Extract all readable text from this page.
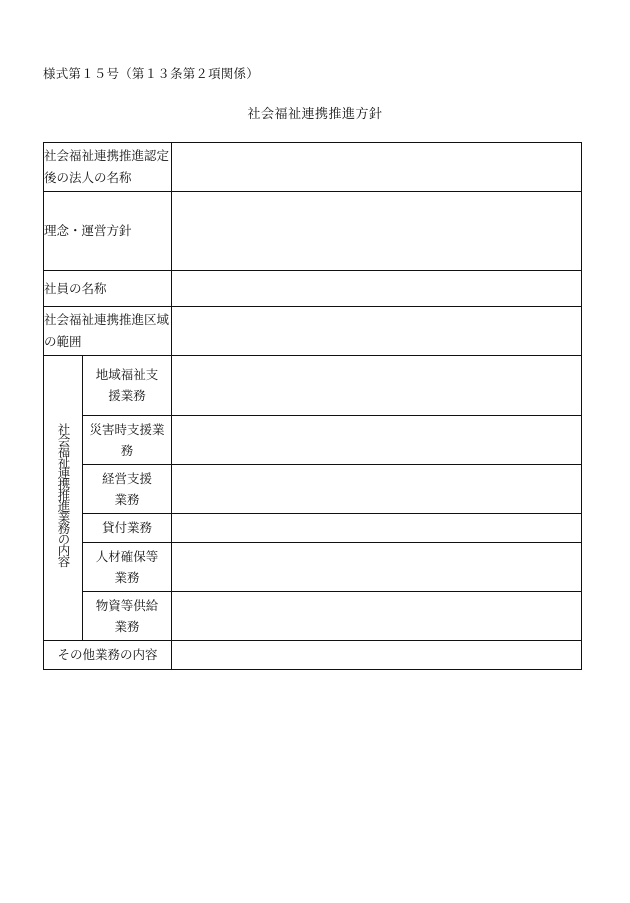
様式第１５号（第１３条第２項関係）
社会福祉連携推進方針
社会福祉連携推進認定後の法人の名称		
理念・運営方針		
社員の名称		
社会福祉連携推進区域の範囲		
社会福祉連携推進業務の内容	地域福祉支援業務	
	災害時支援業務	
	経営支援業務	
	貸付業務	
	人材確保等業務	
	物資等供給業務	
その他業務の内容		
